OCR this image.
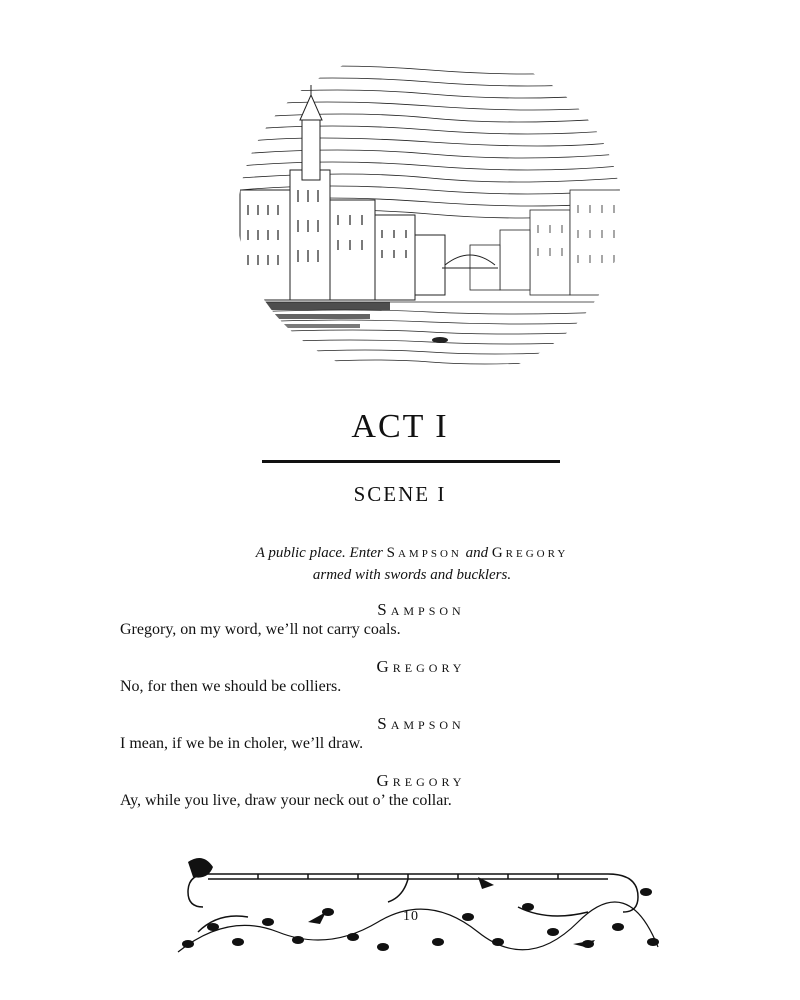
ACT I
SCENE I
A public place. Enter Sampson and Gregory
armed with swords and bucklers.
Sampson
Gregory, on my word, we’ll not carry coals.
Gregory
No, for then we should be colliers.
Sampson
I mean, if we be in choler, we’ll draw.
Gregory
Ay, while you live, draw your neck out o’ the collar.
10
